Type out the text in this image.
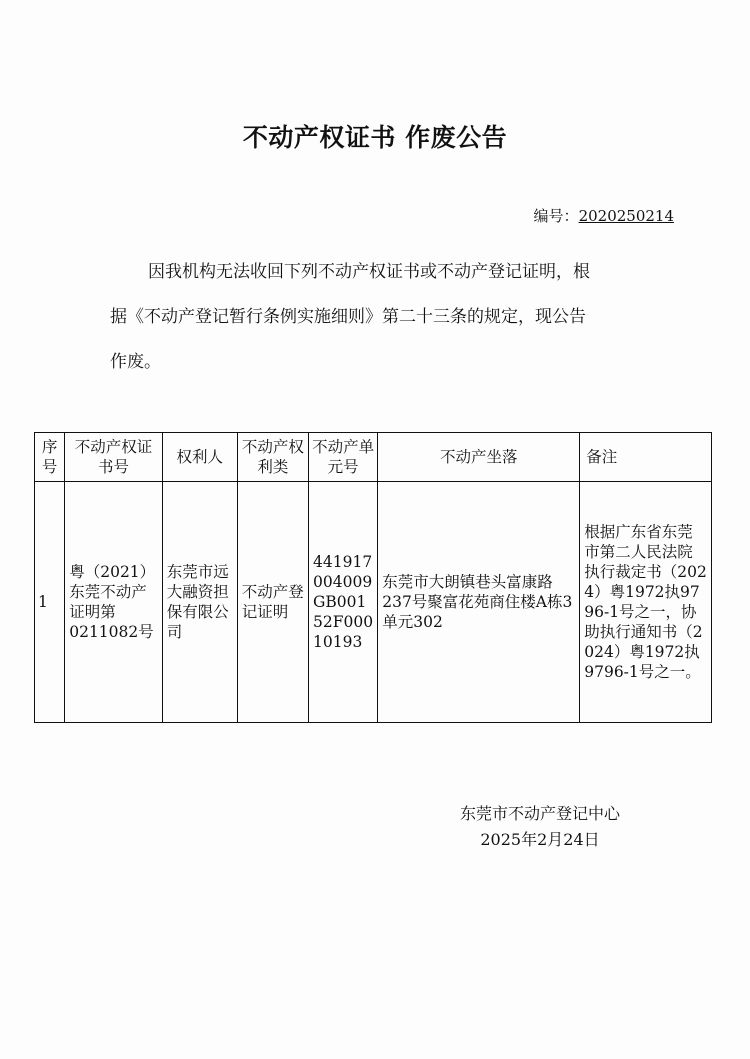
不动产权证书 作废公告
编号：2020250214
因我机构无法收回下列不动产权证书或不动产登记证明，根
据《不动产登记暂行条例实施细则》第二十三条的规定，现公告
作废。
序号	不动产权证书号	权利人	不动产权利类	不动产单元号	不动产坐落	备注
1	粤（2021）东莞不动产证明第0211082号	东莞市远大融资担保有限公司	不动产登记证明	441917004009GB00152F00010193	东莞市大朗镇巷头富康路237号聚富花苑商住楼A栋3单元302	根据广东省东莞市第二人民法院执行裁定书（2024）粤1972执9796-1号之一，协助执行通知书（2024）粤1972执9796-1号之一。
东莞市不动产登记中心
2025年2月24日
